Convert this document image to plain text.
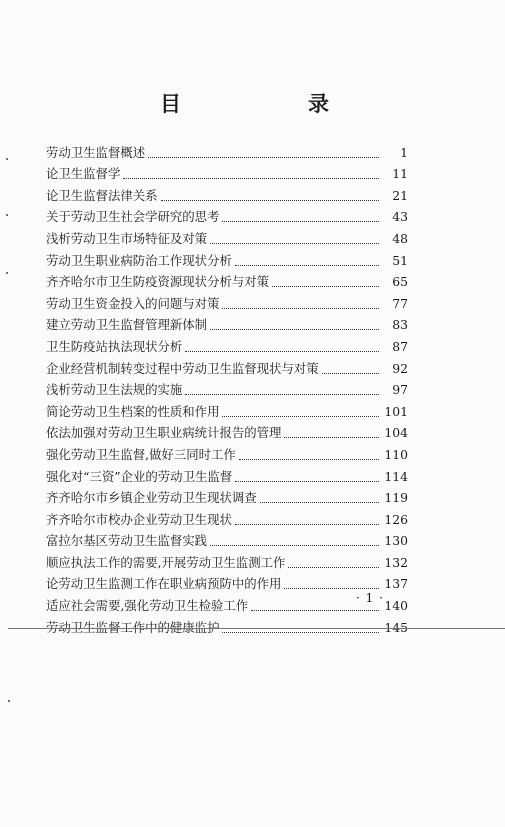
目	录
劳动卫生监督概述	1
论卫生监督学	11
论卫生监督法律关系	21
关于劳动卫生社会学研究的思考	43
浅析劳动卫生市场特征及对策	48
劳动卫生职业病防治工作现状分析	51
齐齐哈尔市卫生防疫资源现状分析与对策	65
劳动卫生资金投入的问题与对策	77
建立劳动卫生监督管理新体制	83
卫生防疫站执法现状分析	87
企业经营机制转变过程中劳动卫生监督现状与对策	92
浅析劳动卫生法规的实施	97
简论劳动卫生档案的性质和作用	101
依法加强对劳动卫生职业病统计报告的管理	104
强化劳动卫生监督,做好三同时工作	110
强化对“三资”企业的劳动卫生监督	114
齐齐哈尔市乡镇企业劳动卫生现状调查	119
齐齐哈尔市校办企业劳动卫生现状	126
富拉尔基区劳动卫生监督实践	130
顺应执法工作的需要,开展劳动卫生监测工作	132
论劳动卫生监测工作在职业病预防中的作用	137
适应社会需要,强化劳动卫生检验工作	140
劳动卫生监督工作中的健康监护	145
· 1 ·
